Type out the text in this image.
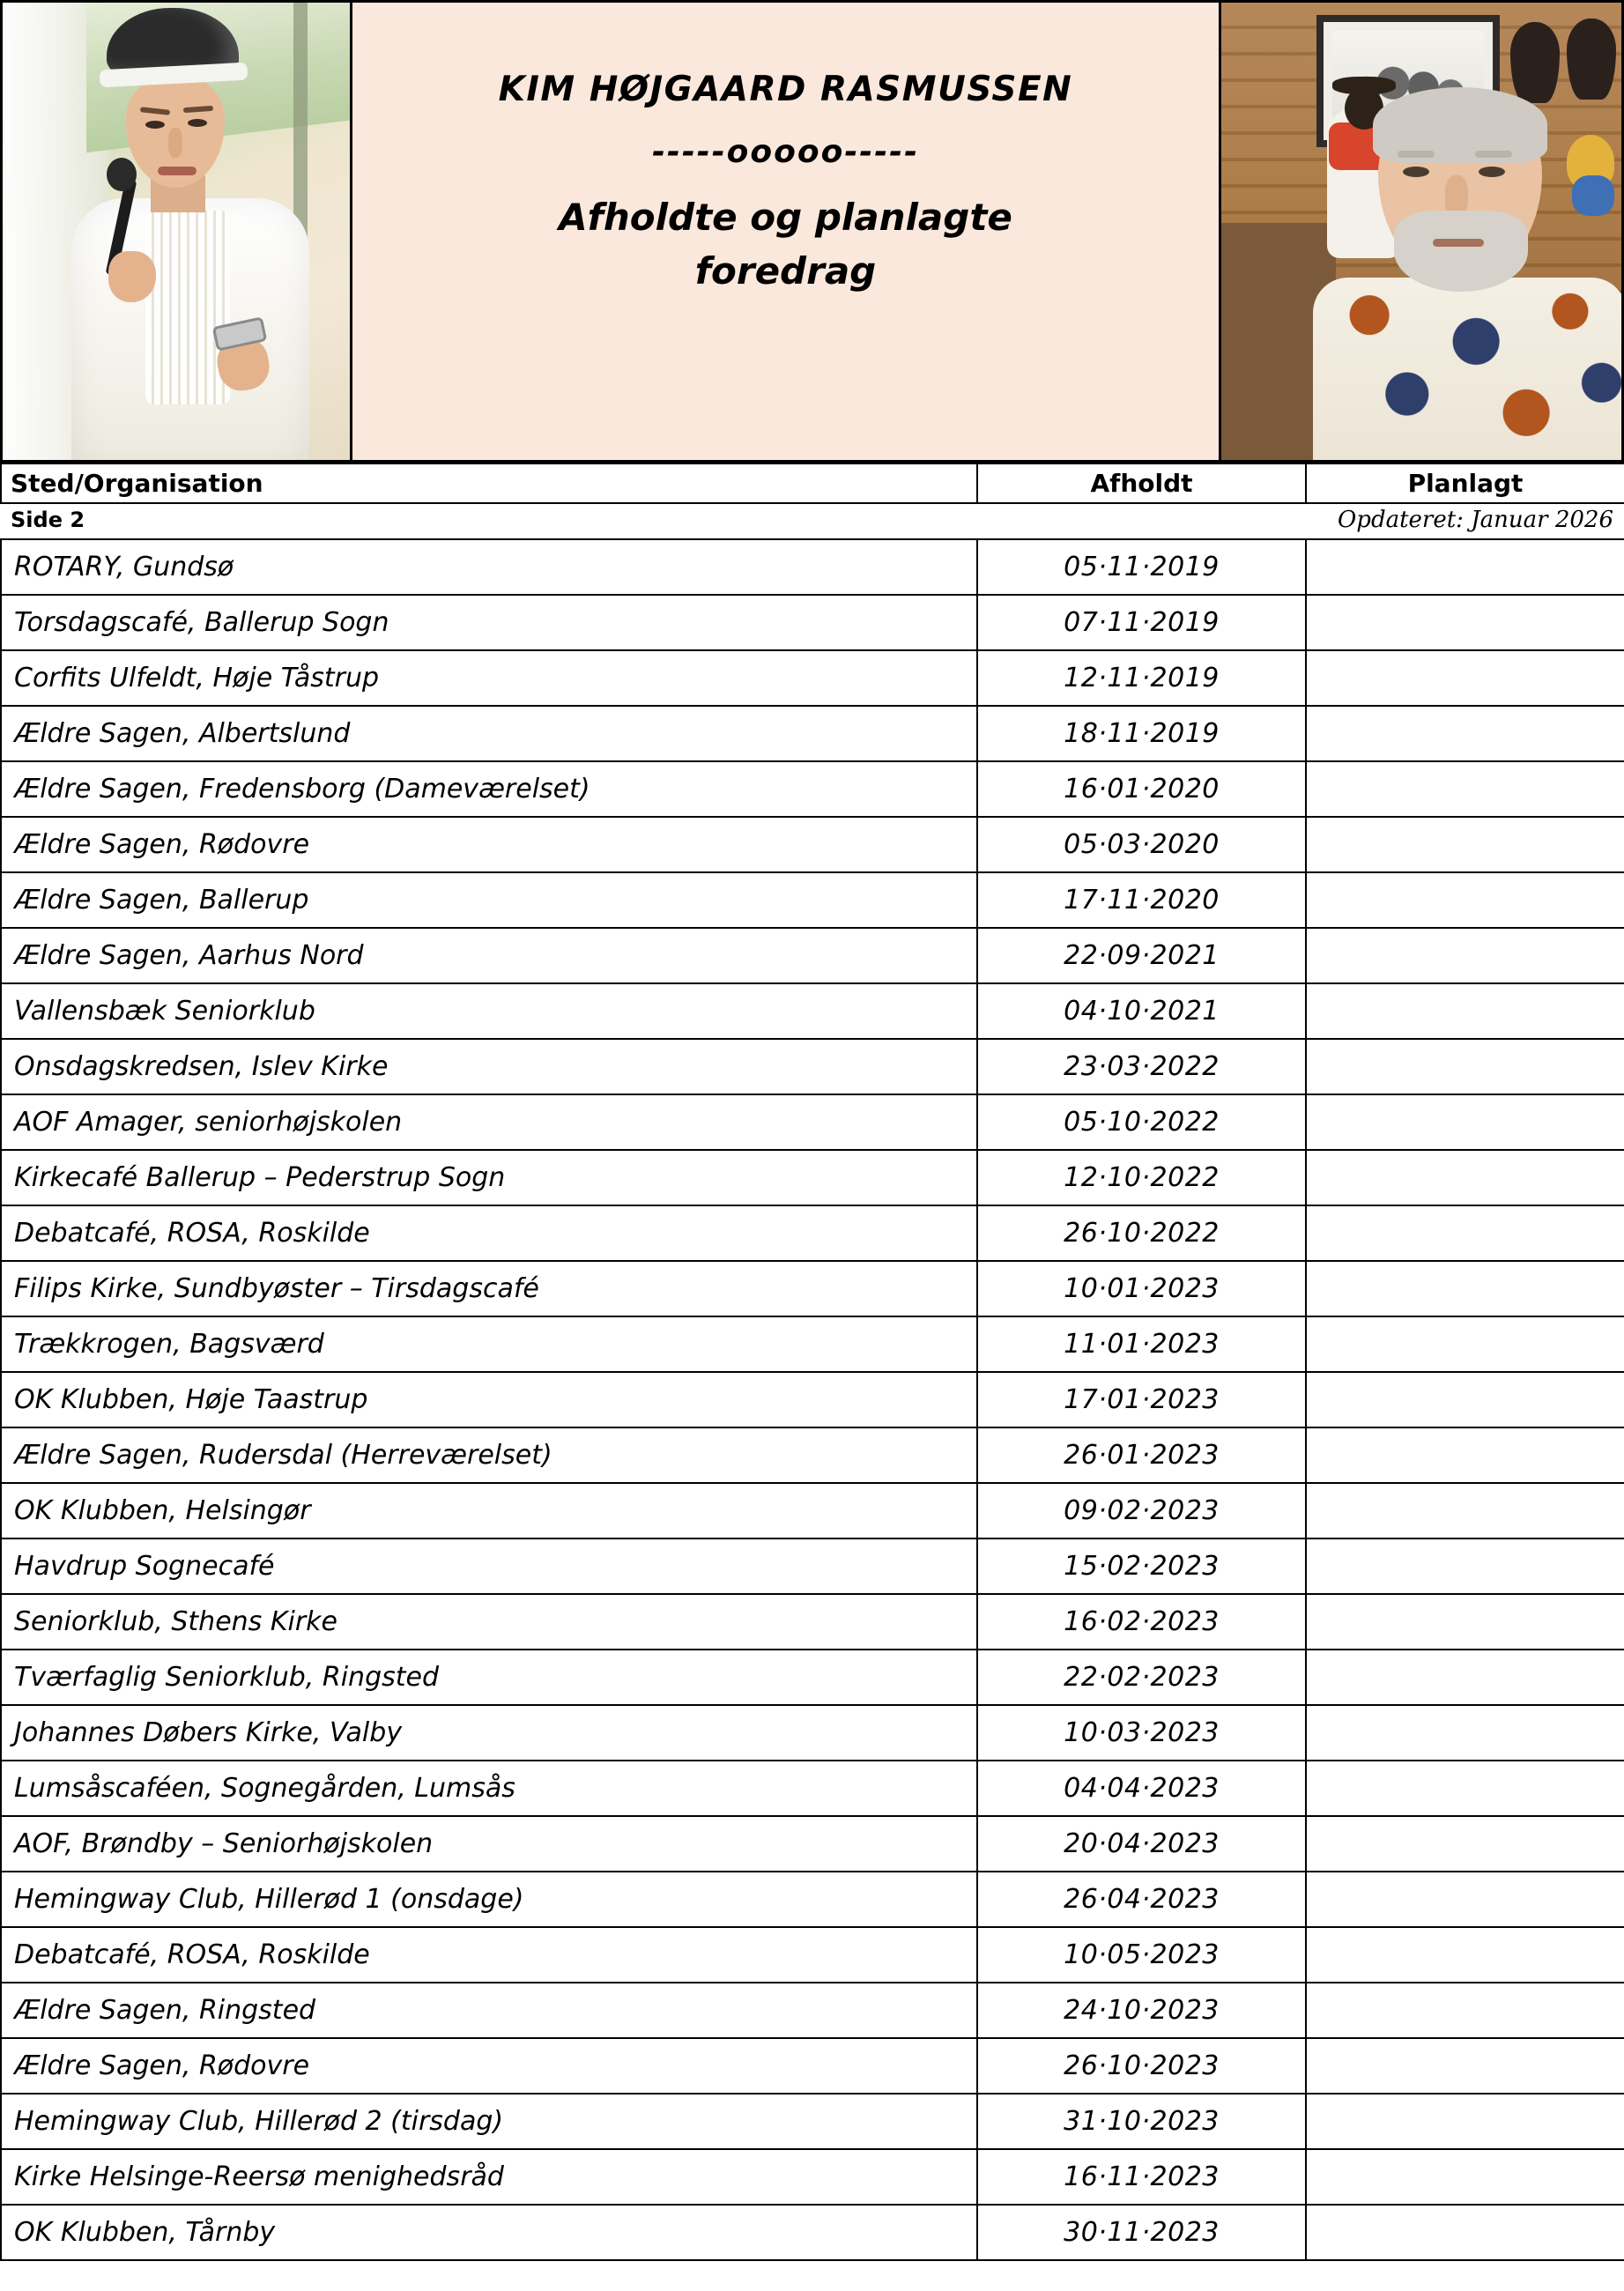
KIM HØJGAARD RASMUSSEN
-----ooooo-----
Afholdte og planlagte
foredrag
Sted/Organisation	Afholdt	Planlagt
Side 2	Opdateret: Januar 2026
ROTARY, Gundsø	05·11·2019	
Torsdagscafé, Ballerup Sogn	07·11·2019	
Corfits Ulfeldt, Høje Tåstrup	12·11·2019	
Ældre Sagen, Albertslund	18·11·2019	
Ældre Sagen, Fredensborg (Dameværelset)	16·01·2020	
Ældre Sagen, Rødovre	05·03·2020	
Ældre Sagen, Ballerup	17·11·2020	
Ældre Sagen, Aarhus Nord	22·09·2021	
Vallensbæk Seniorklub	04·10·2021	
Onsdagskredsen, Islev Kirke	23·03·2022	
AOF Amager, seniorhøjskolen	05·10·2022	
Kirkecafé Ballerup – Pederstrup Sogn	12·10·2022	
Debatcafé, ROSA, Roskilde	26·10·2022	
Filips Kirke, Sundbyøster – Tirsdagscafé	10·01·2023	
Trækkrogen, Bagsværd	11·01·2023	
OK Klubben, Høje Taastrup	17·01·2023	
Ældre Sagen, Rudersdal (Herreværelset)	26·01·2023	
OK Klubben, Helsingør	09·02·2023	
Havdrup Sognecafé	15·02·2023	
Seniorklub, Sthens Kirke	16·02·2023	
Tværfaglig Seniorklub, Ringsted	22·02·2023	
Johannes Døbers Kirke, Valby	10·03·2023	
Lumsåscaféen, Sognegården, Lumsås	04·04·2023	
AOF, Brøndby – Seniorhøjskolen	20·04·2023	
Hemingway Club, Hillerød 1 (onsdage)	26·04·2023	
Debatcafé, ROSA, Roskilde	10·05·2023	
Ældre Sagen, Ringsted	24·10·2023	
Ældre Sagen, Rødovre	26·10·2023	
Hemingway Club, Hillerød 2 (tirsdag)	31·10·2023	
Kirke Helsinge-Reersø menighedsråd	16·11·2023	
OK Klubben, Tårnby	30·11·2023	
